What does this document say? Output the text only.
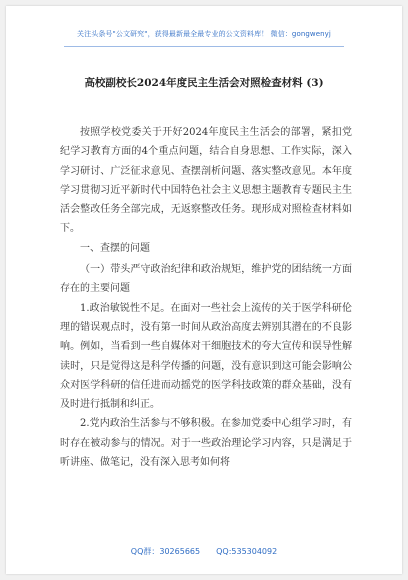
关注头条号"公文研究"，获得最新最全最专业的公文资料库！ 微信：gongwenyj
高校副校长2024年度民主生活会对照检查材料 (3)

按照学校党委关于开好2024年度民主生活会的部署，紧扣党纪学习教育方面的4个重点问题，结合自身思想、工作实际，深入学习研讨、广泛征求意见、查摆剖析问题、落实整改意见。本年度学习贯彻习近平新时代中国特色社会主义思想主题教育专题民主生活会整改任务全部完成，无返察整改任务。现形成对照检查材料如下。

一、查摆的问题

（一）带头严守政治纪律和政治规矩，维护党的团结统一方面存在的主要问题

1.政治敏锐性不足。在面对一些社会上流传的关于医学科研伦理的错误观点时，没有第一时间从政治高度去辨别其潜在的不良影响。例如，当看到一些自媒体对干细胞技术的夸大宣传和误导性解读时，只是觉得这是科学传播的问题，没有意识到这可能会影响公众对医学科研的信任进而动摇党的医学科技政策的群众基础，没有及时进行抵制和纠正。

2.党内政治生活参与不够积极。在参加党委中心组学习时，有时存在被动参与的情况。对于一些政治理论学习内容，只是满足于听讲座、做笔记，没有深入思考如何将

QQ群：30265665 QQ:535304092
